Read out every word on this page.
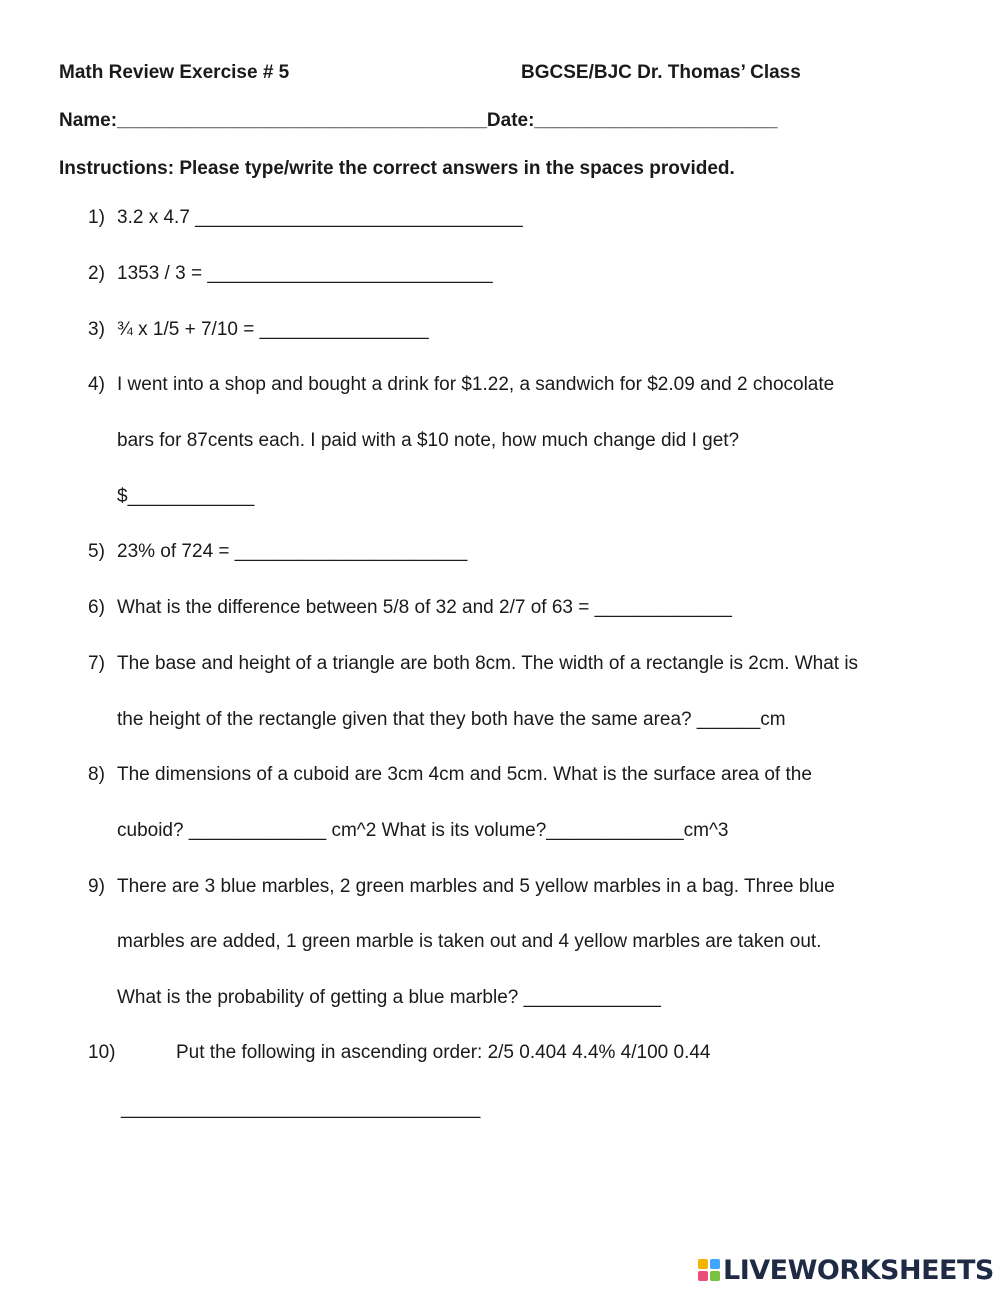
Math Review Exercise # 5	BGCSE/BJC Dr. Thomas’ Class
Name:___________________________________Date:_______________________
Instructions: Please type/write the correct answers in the spaces provided.
1) 3.2 x 4.7 _______________________________
2) 1353 / 3 = ___________________________
3) ¾ x 1/5 + 7/10 = ________________
4) I went into a shop and bought a drink for $1.22, a sandwich for $2.09 and 2 chocolate
bars for 87cents each. I paid with a $10 note, how much change did I get?
$____________
5) 23% of 724 = ______________________
6) What is the difference between 5/8 of 32 and 2/7 of 63 = _____________
7) The base and height of a triangle are both 8cm. The width of a rectangle is 2cm. What is
the height of the rectangle given that they both have the same area? ______cm
8) The dimensions of a cuboid are 3cm 4cm and 5cm. What is the surface area of the
cuboid? _____________ cm^2 What is its volume?_____________cm^3
9) There are 3 blue marbles, 2 green marbles and 5 yellow marbles in a bag. Three blue
marbles are added, 1 green marble is taken out and 4 yellow marbles are taken out.
What is the probability of getting a blue marble? _____________
10)	Put the following in ascending order: 2/5 0.404 4.4% 4/100 0.44
__________________________________
LIVEWORKSHEETS
